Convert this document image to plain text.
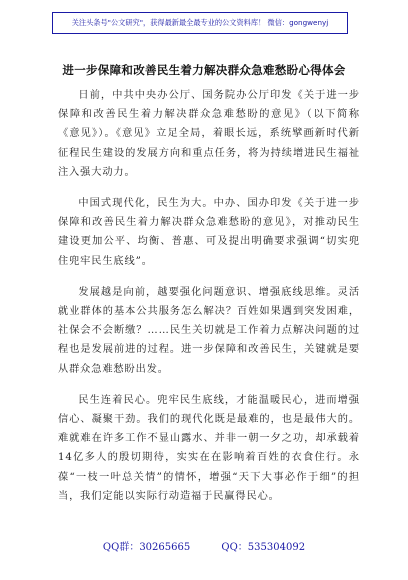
关注头条号"公文研究"，获得最新最全最专业的公文资料库！ 微信：gongwenyj
进一步保障和改善民生着力解决群众急难愁盼心得体会

日前，中共中央办公厅、国务院办公厅印发《关于进一步保障和改善民生着力解决群众急难愁盼的意见》（以下简称《意见》）。《意见》立足全局，着眼长远，系统擘画新时代新征程民生建设的发展方向和重点任务，将为持续增进民生福祉注入强大动力。

中国式现代化，民生为大。中办、国办印发《关于进一步保障和改善民生着力解决群众急难愁盼的意见》，对推动民生建设更加公平、均衡、普惠、可及提出明确要求强调“切实兜住兜牢民生底线”。

发展越是向前，越要强化问题意识、增强底线思维。灵活就业群体的基本公共服务怎么解决？百姓如果遇到突发困难，社保会不会断缴？……民生关切就是工作着力点解决问题的过程也是发展前进的过程。进一步保障和改善民生，关键就是要从群众急难愁盼出发。

民生连着民心。兜牢民生底线，才能温暖民心，进而增强信心、凝聚干劲。我们的现代化既是最难的，也是最伟大的。难就难在许多工作不显山露水、并非一朝一夕之功，却承载着14亿多人的殷切期待，实实在在影响着百姓的衣食住行。永葆“一枝一叶总关情”的情怀，增强“天下大事必作于细”的担当，我们定能以实际行动造福于民赢得民心。

QQ群：30265665	QQ：535304092
